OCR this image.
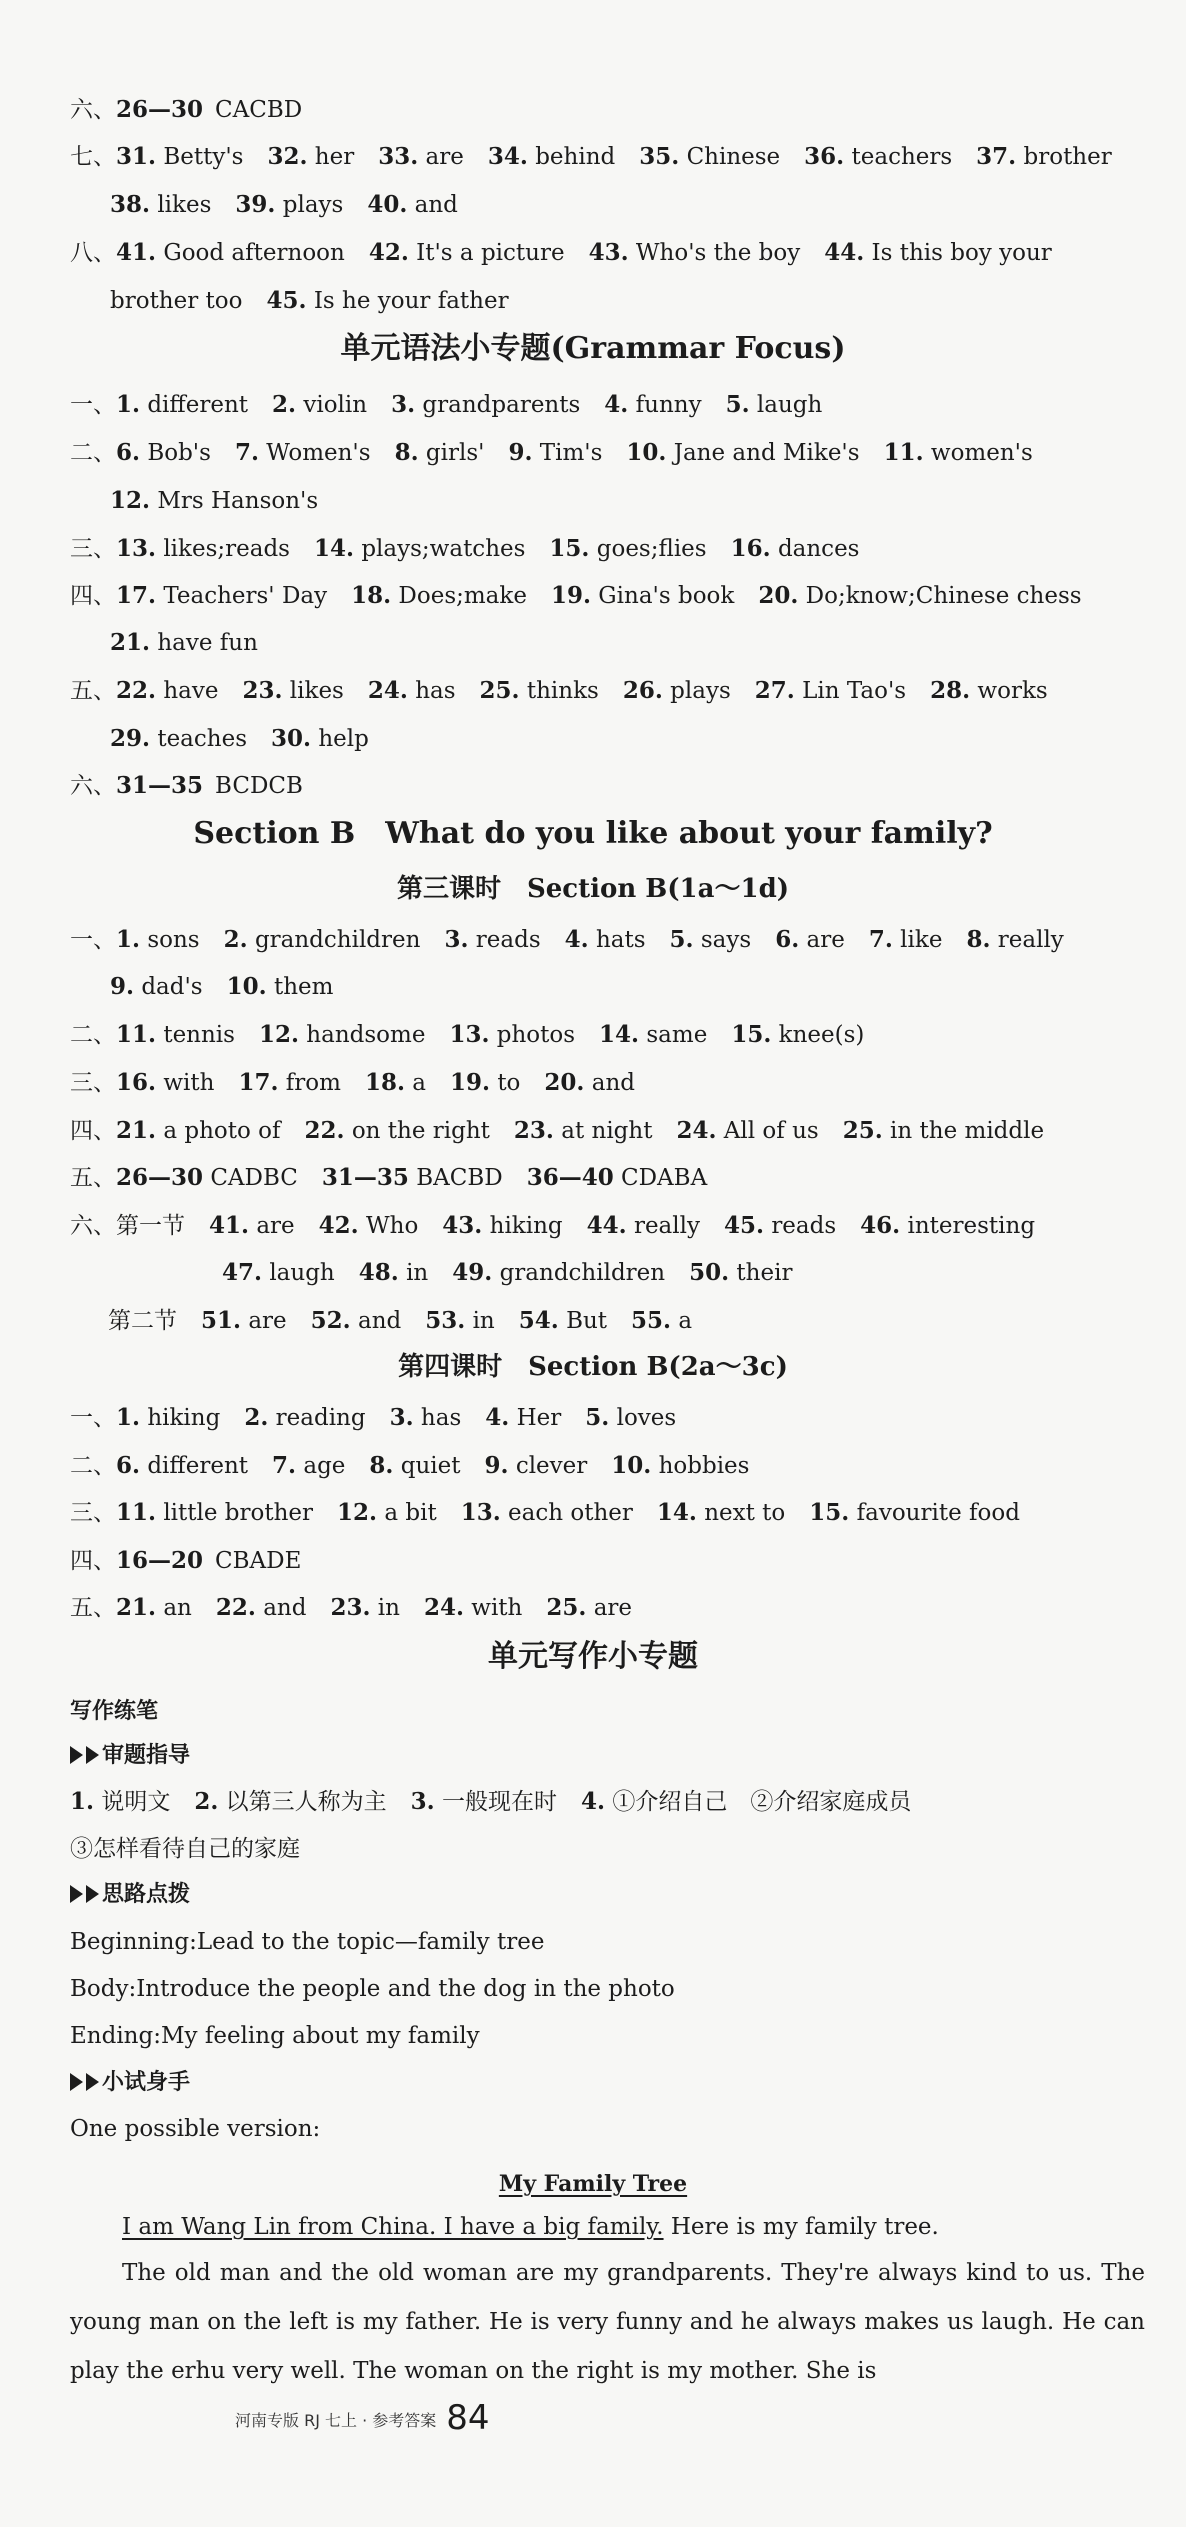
六、26—30 CACBD
七、31. Betty's 32. her 33. are 34. behind 35. Chinese 36. teachers 37. brother
38. likes 39. plays 40. and
八、41. Good afternoon 42. It's a picture 43. Who's the boy 44. Is this boy your
brother too 45. Is he your father
单元语法小专题(Grammar Focus)
一、1. different 2. violin 3. grandparents 4. funny 5. laugh
二、6. Bob's 7. Women's 8. girls' 9. Tim's 10. Jane and Mike's 11. women's
12. Mrs Hanson's
三、13. likes;reads 14. plays;watches 15. goes;flies 16. dances
四、17. Teachers' Day 18. Does;make 19. Gina's book 20. Do;know;Chinese chess
21. have fun
五、22. have 23. likes 24. has 25. thinks 26. plays 27. Lin Tao's 28. works
29. teaches 30. help
六、31—35 BCDCB
Section B　What do you like about your family?
第三课时　Section B(1a～1d)
一、1. sons 2. grandchildren 3. reads 4. hats 5. says 6. are 7. like 8. really
9. dad's 10. them
二、11. tennis 12. handsome 13. photos 14. same 15. knee(s)
三、16. with 17. from 18. a 19. to 20. and
四、21. a photo of 22. on the right 23. at night 24. All of us 25. in the middle
五、26—30 CADBC 31—35 BACBD 36—40 CDABA
六、第一节 41. are 42. Who 43. hiking 44. really 45. reads 46. interesting
47. laugh 48. in 49. grandchildren 50. their
第二节 51. are 52. and 53. in 54. But 55. a
第四课时　Section B(2a～3c)
一、1. hiking 2. reading 3. has 4. Her 5. loves
二、6. different 7. age 8. quiet 9. clever 10. hobbies
三、11. little brother 12. a bit 13. each other 14. next to 15. favourite food
四、16—20 CBADE
五、21. an 22. and 23. in 24. with 25. are
单元写作小专题
写作练笔
审题指导
1. 说明文 2. 以第三人称为主 3. 一般现在时 4. ①介绍自己　②介绍家庭成员
③怎样看待自己的家庭
思路点拨
Beginning:Lead to the topic—family tree
Body:Introduce the people and the dog in the photo
Ending:My feeling about my family
小试身手
One possible version:
My Family Tree
I am Wang Lin from China. I have a big family. Here is my family tree.
The old man and the old woman are my grandparents. They're always kind to us. The young man on the left is my father. He is very funny and he always makes us laugh. He can play the erhu very well. The woman on the right is my mother. She is
河南专版 RJ 七上 · 参考答案 84
